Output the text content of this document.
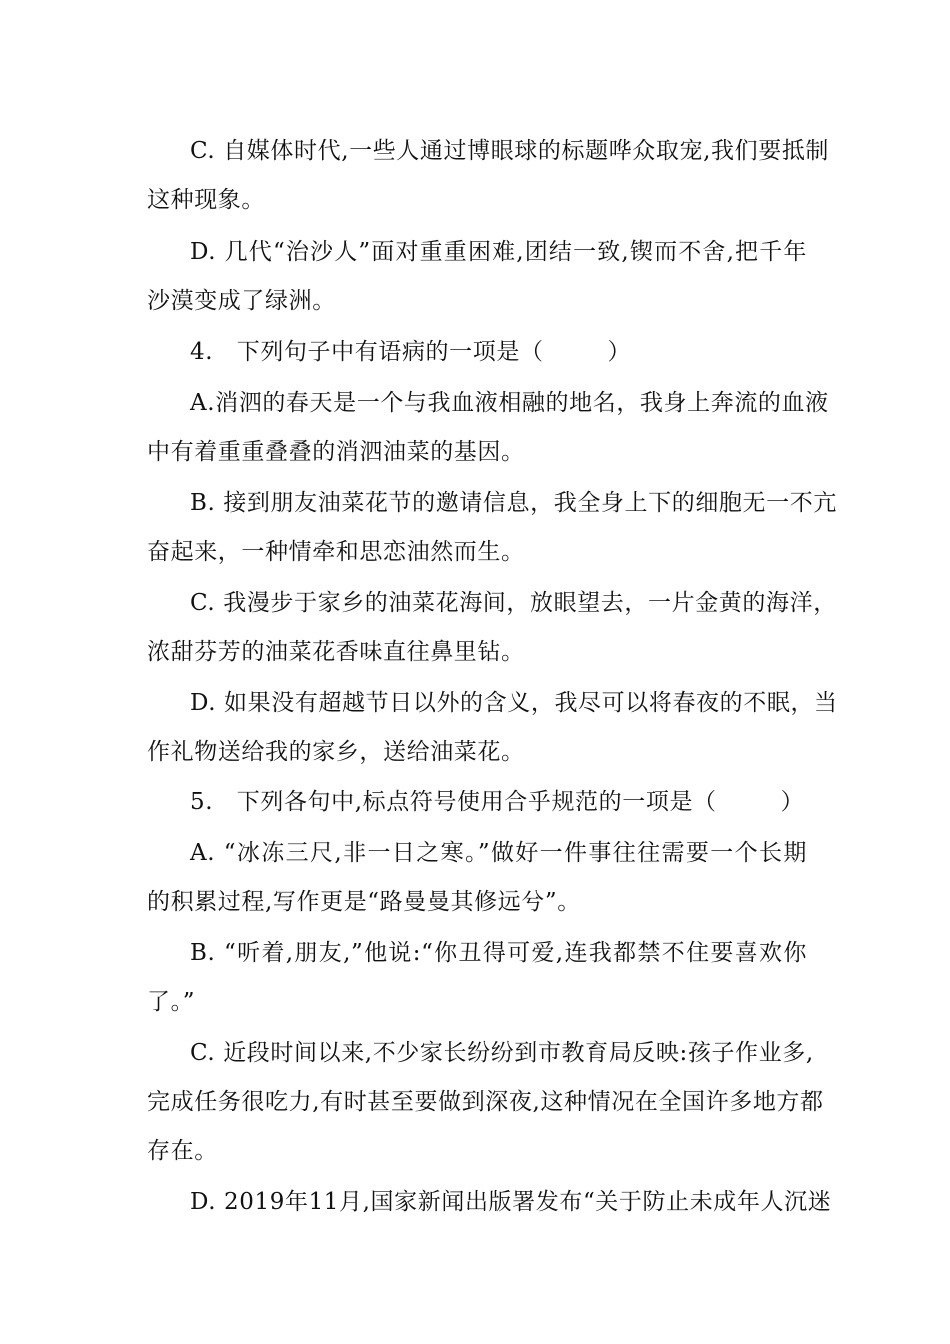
C. 自媒体时代,一些人通过博眼球的标题哗众取宠,我们要抵制
这种现象。
D. 几代“治沙人”面对重重困难,团结一致,锲而不舍,把千年
沙漠变成了绿洲。
4.　下列句子中有语病的一项是（	）
A.消泗的春天是一个与我血液相融的地名，我身上奔流的血液
中有着重重叠叠的消泗油菜的基因。
B. 接到朋友油菜花节的邀请信息，我全身上下的细胞无一不亢
奋起来，一种情牵和思恋油然而生。
C. 我漫步于家乡的油菜花海间，放眼望去，一片金黄的海洋，
浓甜芬芳的油菜花香味直往鼻里钻。
D. 如果没有超越节日以外的含义，我尽可以将春夜的不眠，当
作礼物送给我的家乡，送给油菜花。
5.　下列各句中,标点符号使用合乎规范的一项是（	）
A. “冰冻三尺,非一日之寒。”做好一件事往往需要一个长期
的积累过程,写作更是“路曼曼其修远兮”。
B. “听着,朋友,”他说:“你丑得可爱,连我都禁不住要喜欢你
了。”
C. 近段时间以来,不少家长纷纷到市教育局反映:孩子作业多,
完成任务很吃力,有时甚至要做到深夜,这种情况在全国许多地方都
存在。
D. 2019年11月,国家新闻出版署发布“关于防止未成年人沉迷
